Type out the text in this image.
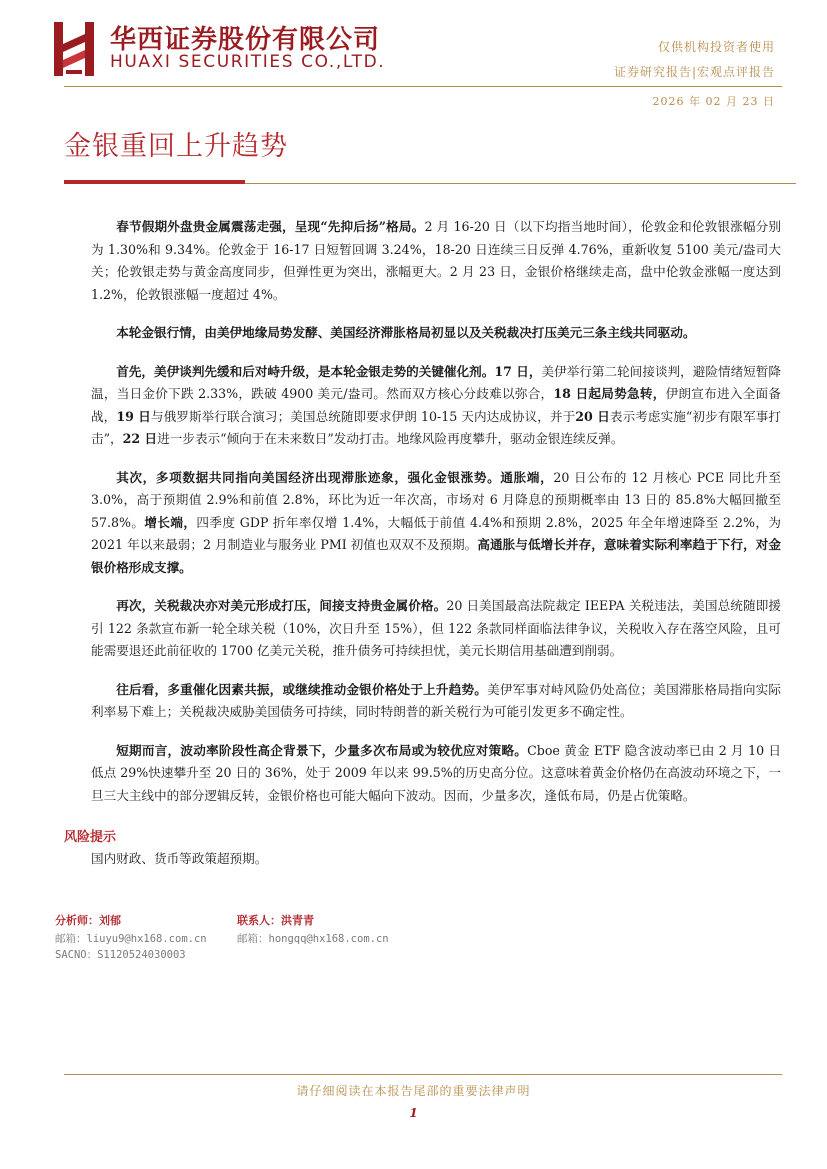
华西证券股份有限公司
HUAXI SECURITIES CO.,LTD.
仅供机构投资者使用
证券研究报告|宏观点评报告
2026 年 02 月 23 日
金银重回上升趋势

春节假期外盘贵金属震荡走强，呈现“先抑后扬”格局。2 月 16-20 日（以下均指当地时间），伦敦金和伦敦银涨幅分别为 1.30%和 9.34%。伦敦金于 16-17 日短暂回调 3.24%，18-20 日连续三日反弹 4.76%，重新收复 5100 美元/盎司大关；伦敦银走势与黄金高度同步，但弹性更为突出，涨幅更大。2 月 23 日，金银价格继续走高，盘中伦敦金涨幅一度达到 1.2%，伦敦银涨幅一度超过 4%。

本轮金银行情，由美伊地缘局势发酵、美国经济滞胀格局初显以及关税裁决打压美元三条主线共同驱动。

首先，美伊谈判先缓和后对峙升级，是本轮金银走势的关键催化剂。17 日，美伊举行第二轮间接谈判，避险情绪短暂降温，当日金价下跌 2.33%，跌破 4900 美元/盎司。然而双方核心分歧难以弥合，18 日起局势急转，伊朗宣布进入全面备战，19 日与俄罗斯举行联合演习；美国总统随即要求伊朗 10-15 天内达成协议，并于20 日表示考虑实施“初步有限军事打击”，22 日进一步表示“倾向于在未来数日”发动打击。地缘风险再度攀升，驱动金银连续反弹。

其次，多项数据共同指向美国经济出现滞胀迹象，强化金银涨势。通胀端，20 日公布的 12 月核心 PCE 同比升至 3.0%，高于预期值 2.9%和前值 2.8%，环比为近一年次高，市场对 6 月降息的预期概率由 13 日的 85.8%大幅回撤至 57.8%。增长端，四季度 GDP 折年率仅增 1.4%，大幅低于前值 4.4%和预期 2.8%，2025 年全年增速降至 2.2%，为 2021 年以来最弱；2 月制造业与服务业 PMI 初值也双双不及预期。高通胀与低增长并存，意味着实际利率趋于下行，对金银价格形成支撑。

再次，关税裁决亦对美元形成打压，间接支持贵金属价格。20 日美国最高法院裁定 IEEPA 关税违法，美国总统随即援引 122 条款宣布新一轮全球关税（10%，次日升至 15%），但 122 条款同样面临法律争议，关税收入存在落空风险，且可能需要退还此前征收的 1700 亿美元关税，推升债务可持续担忧，美元长期信用基础遭到削弱。

往后看，多重催化因素共振，或继续推动金银价格处于上升趋势。美伊军事对峙风险仍处高位；美国滞胀格局指向实际利率易下难上；关税裁决威胁美国债务可持续，同时特朗普的新关税行为可能引发更多不确定性。

短期而言，波动率阶段性高企背景下，少量多次布局或为较优应对策略。Cboe 黄金 ETF 隐含波动率已由 2 月 10 日低点 29%快速攀升至 20 日的 36%，处于 2009 年以来 99.5%的历史高分位。这意味着黄金价格仍在高波动环境之下，一旦三大主线中的部分逻辑反转，金银价格也可能大幅向下波动。因而，少量多次，逢低布局，仍是占优策略。

风险提示
国内财政、货币等政策超预期。
分析师：刘郁
邮箱：liuyu9@hx168.com.cn
SACNO：S1120524030003
联系人：洪青青
邮箱：hongqq@hx168.com.cn
请仔细阅读在本报告尾部的重要法律声明
1
